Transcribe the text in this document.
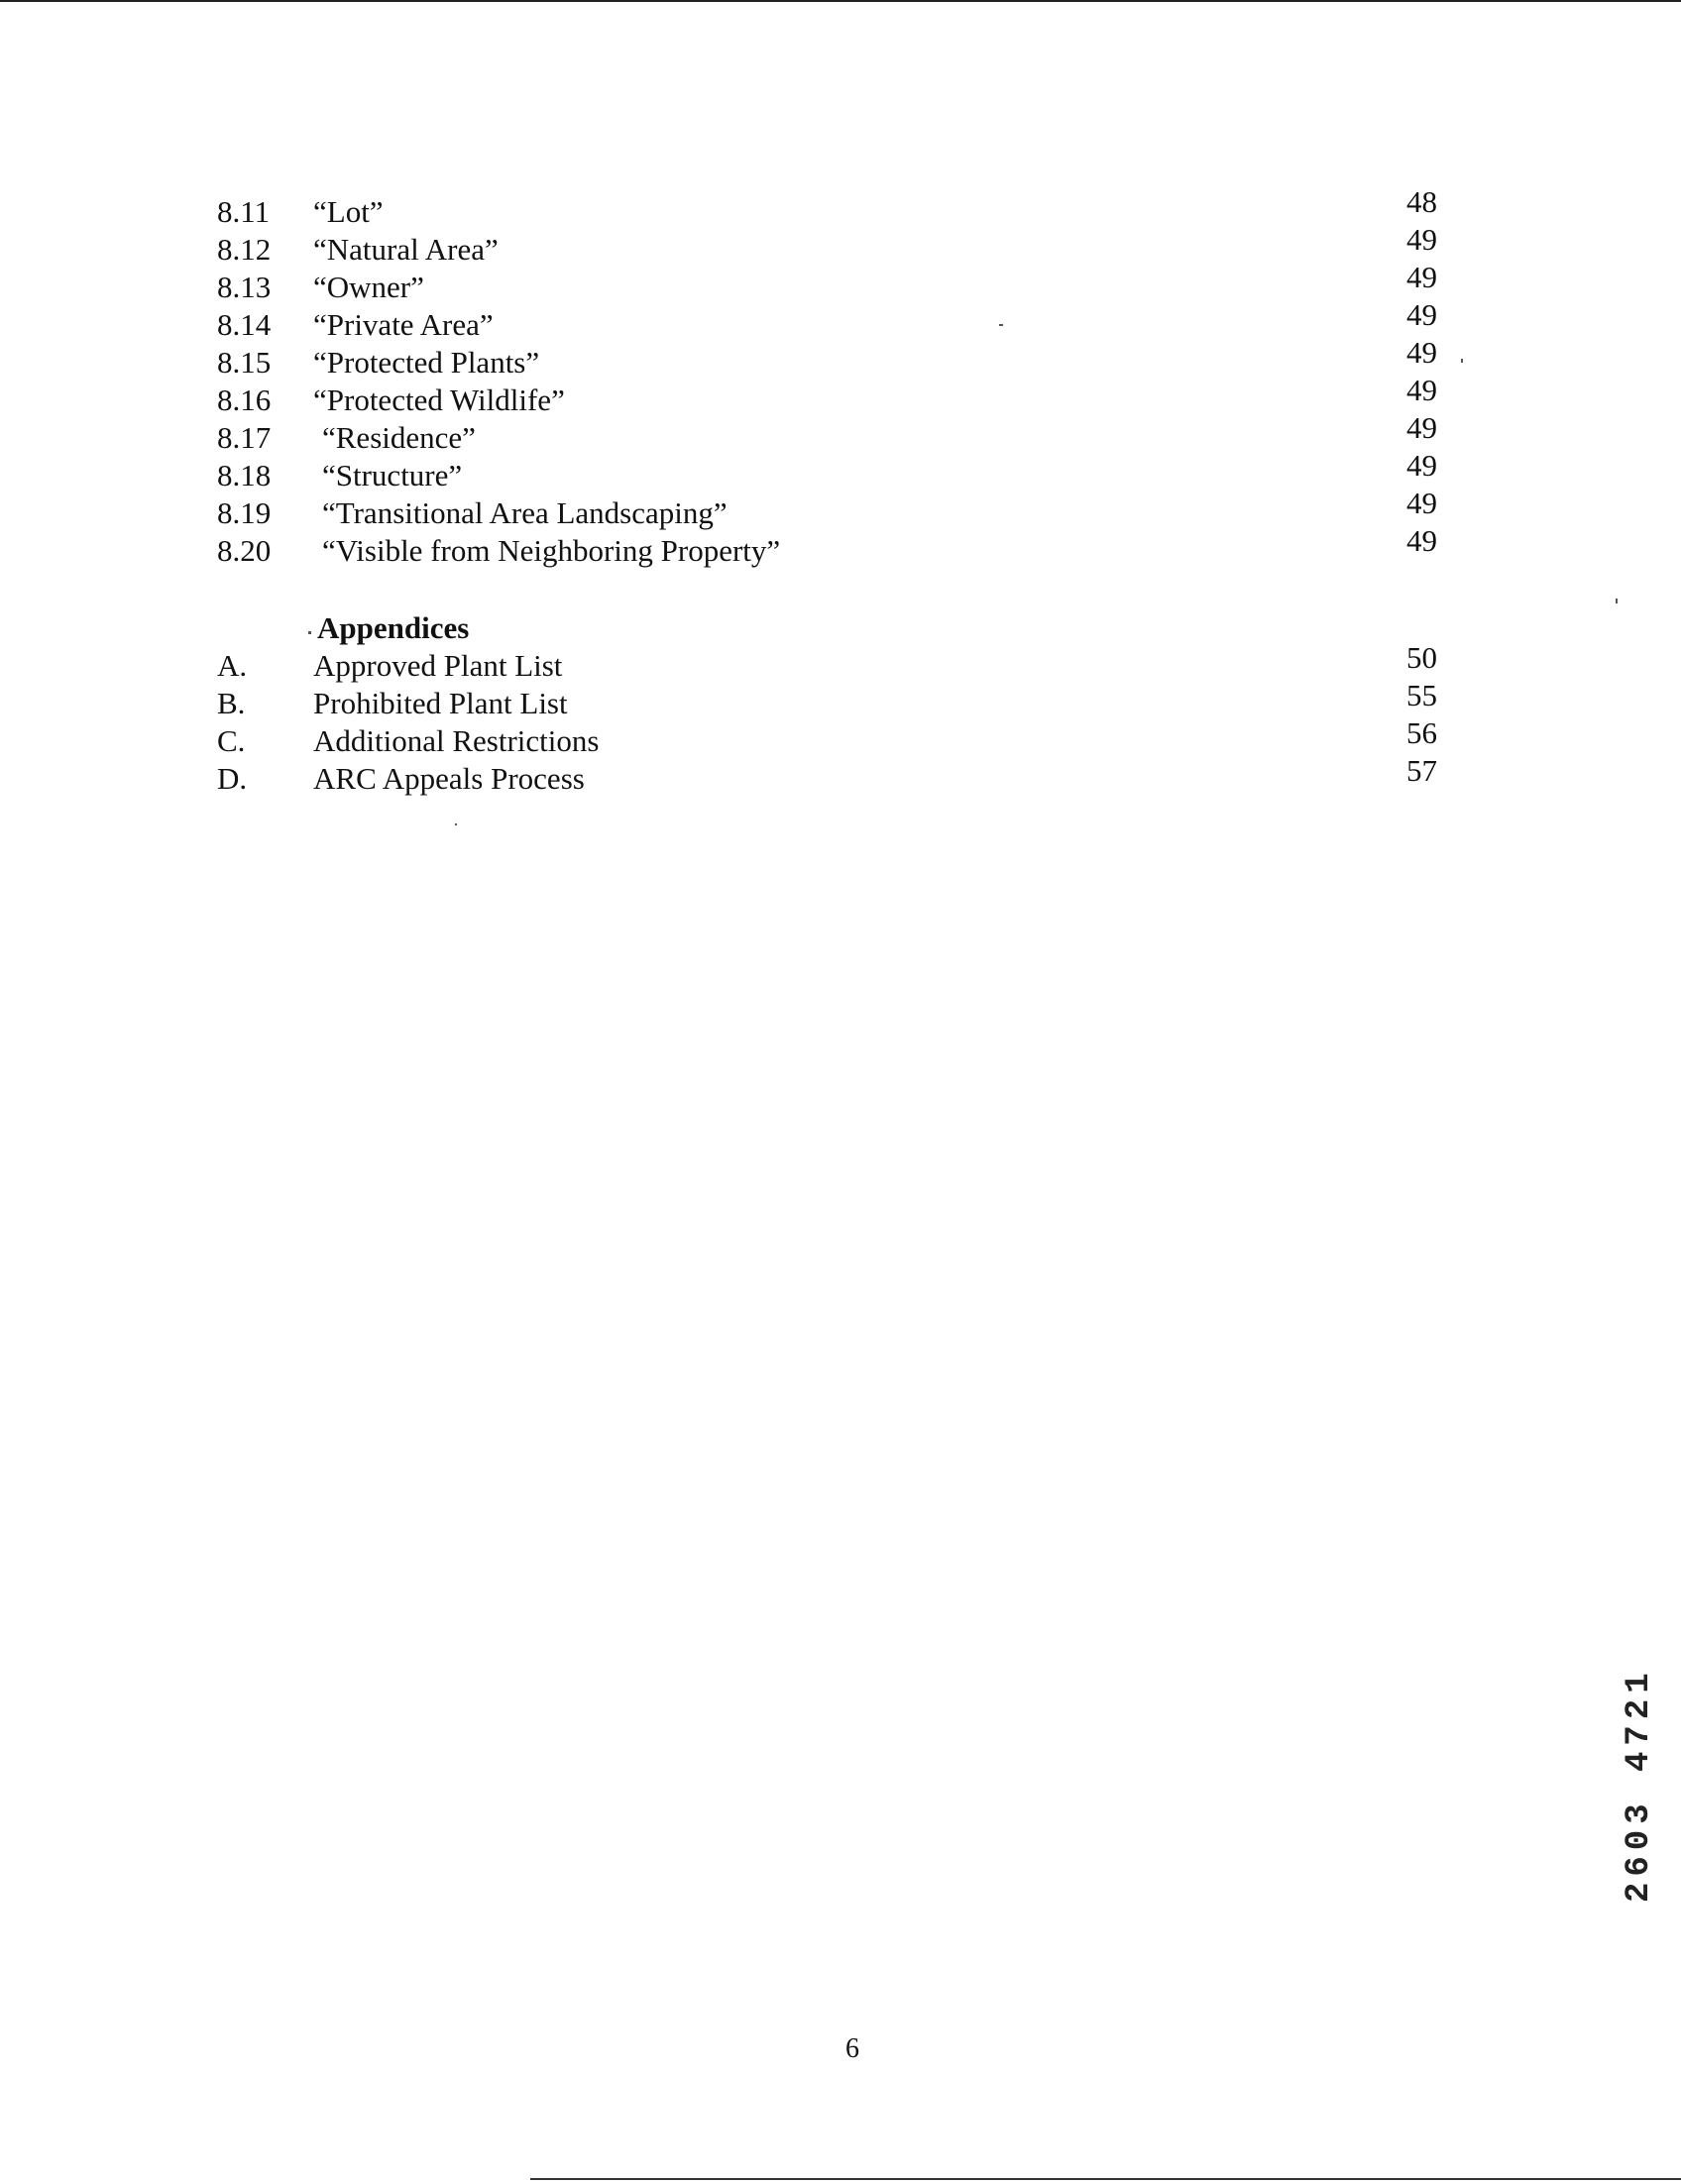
8.11 “Lot”	48
8.12 “Natural Area”	49
8.13 “Owner”	49
8.14 “Private Area”	49
8.15 “Protected Plants”	49
8.16 “Protected Wildlife”	49
8.17 “Residence”	49
8.18 “Structure”	49
8.19 “Transitional Area Landscaping”	49
8.20 “Visible from Neighboring Property”	49
Appendices
A. Approved Plant List	50
B. Prohibited Plant List	55
C. Additional Restrictions	56
D. ARC Appeals Process	57
2603 4721
6
